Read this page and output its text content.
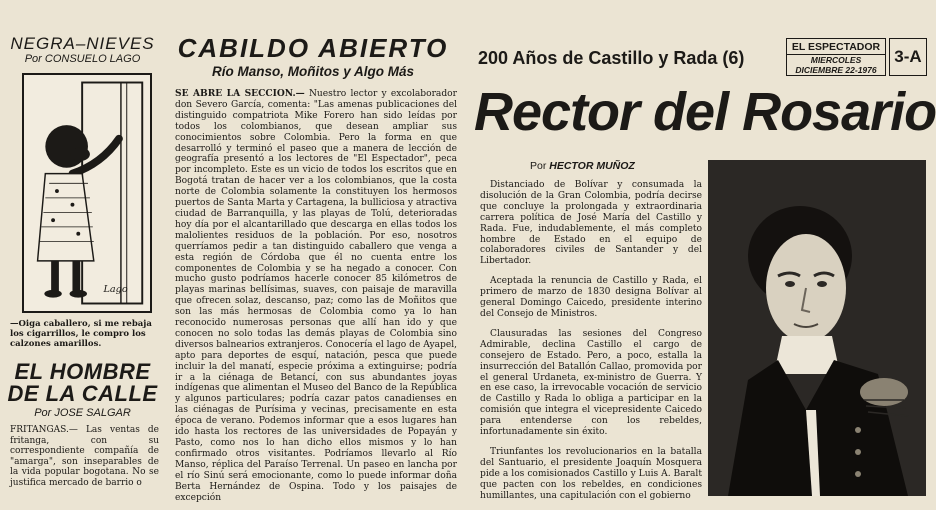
NEGRA–NIEVES
Por CONSUELO LAGO
Lago
—Oiga caballero, si me rebaja los cigarrillos, le compro los calzones amarillos.
EL HOMBRE
DE LA CALLE
Por JOSE SALGAR
FRITANGAS.— Las ventas de fritanga, con su correspondiente compañía de "amarga", son inseparables de la vida popular bogotana. No se justifica mercado de barrio o
CABILDO ABIERTO
Río Manso, Moñitos y Algo Más
SE ABRE LA SECCION.— Nuestro lector y excolaborador don Severo García, comenta: "Las amenas publicaciones del distinguido compatriota Mike Forero han sido leídas por todos los colombianos, que desean ampliar sus conocimientos sobre Colombia. Pero la forma en que desarrolló y terminó el paseo que a manera de lección de geografía presentó a los lectores de "El Espectador", peca por incompleto. Este es un vicio de todos los escritos que en Bogotá tratan de hacer ver a los colombianos, que la costa norte de Colombia solamente la constituyen los hermosos puertos de Santa Marta y Cartagena, la bulliciosa y atractiva ciudad de Barranquilla, y las playas de Tolú, deterioradas hoy día por el alcantarillado que descarga en ellas todos los malolientes residuos de la población. Por eso, nosotros querríamos pedir a tan distinguido caballero que venga a esta región de Córdoba que él no cuenta entre los componentes de Colombia y se ha negado a conocer. Con mucho gusto podríamos hacerle conocer 85 kilómetros de playas marinas bellísimas, suaves, con paisaje de maravilla que ofrecen solaz, descanso, paz; como las de Moñitos que son las más hermosas de Colombia como ya lo han reconocido numerosas personas que allí han ido y que conocen no solo todas las demás playas de Colombia sino diversos balnearios extranjeros. Conocería el lago de Ayapel, apto para deportes de esquí, natación, pesca que puede incluir la del manatí, especie próxima a extinguirse; podría ir a la ciénaga de Betancí, con sus abundantes joyas indígenas que alimentan el Museo del Banco de la República y algunos particulares; podría cazar patos canadienses en las ciénagas de Purísima y vecinas, precisamente en esta época de verano. Podemos informar que a esos lugares han ido hasta los rectores de las universidades de Popayán y Pasto, como nos lo han dicho ellos mismos y lo han confirmado otros visitantes. Podríamos llevarlo al Río Manso, réplica del Paraíso Terrenal. Un paseo en lancha por el río Sinú será emocionante, como lo puede informar doña Berta Hernández de Ospina. Todo y los paisajes de excepción
200 Años de Castillo y Rada (6)
EL ESPECTADOR
MIERCOLES
DICIEMBRE 22-1976
3-A
Rector del Rosario
Por HECTOR MUÑOZ

Distanciado de Bolívar y consumada la disolución de la Gran Colombia, podría decirse que concluye la prolongada y extraordinaria carrera política de José María del Castillo y Rada. Fue, indudablemente, el más completo hombre de Estado en el equipo de colaboradores civiles de Santander y del Libertador.

Aceptada la renuncia de Castillo y Rada, el primero de marzo de 1830 designa Bolívar al general Domingo Caicedo, presidente interino del Consejo de Ministros.

Clausuradas las sesiones del Congreso Admirable, declina Castillo el cargo de consejero de Estado. Pero, a poco, estalla la insurrección del Batallón Callao, promovida por el general Urdaneta, ex-ministro de Guerra. Y en ese caso, la irrevocable vocación de servicio de Castillo y Rada lo obliga a participar en la comisión que integra el vicepresidente Caicedo para entenderse con los rebeldes, infortunadamente sin éxito.

Triunfantes los revolucionarios en la batalla del Santuario, el presidente Joaquín Mosquera pide a los comisionados Castillo y Luis A. Baralt que pacten con los rebeldes, en condiciones humillantes, una capitulación con el gobierno
